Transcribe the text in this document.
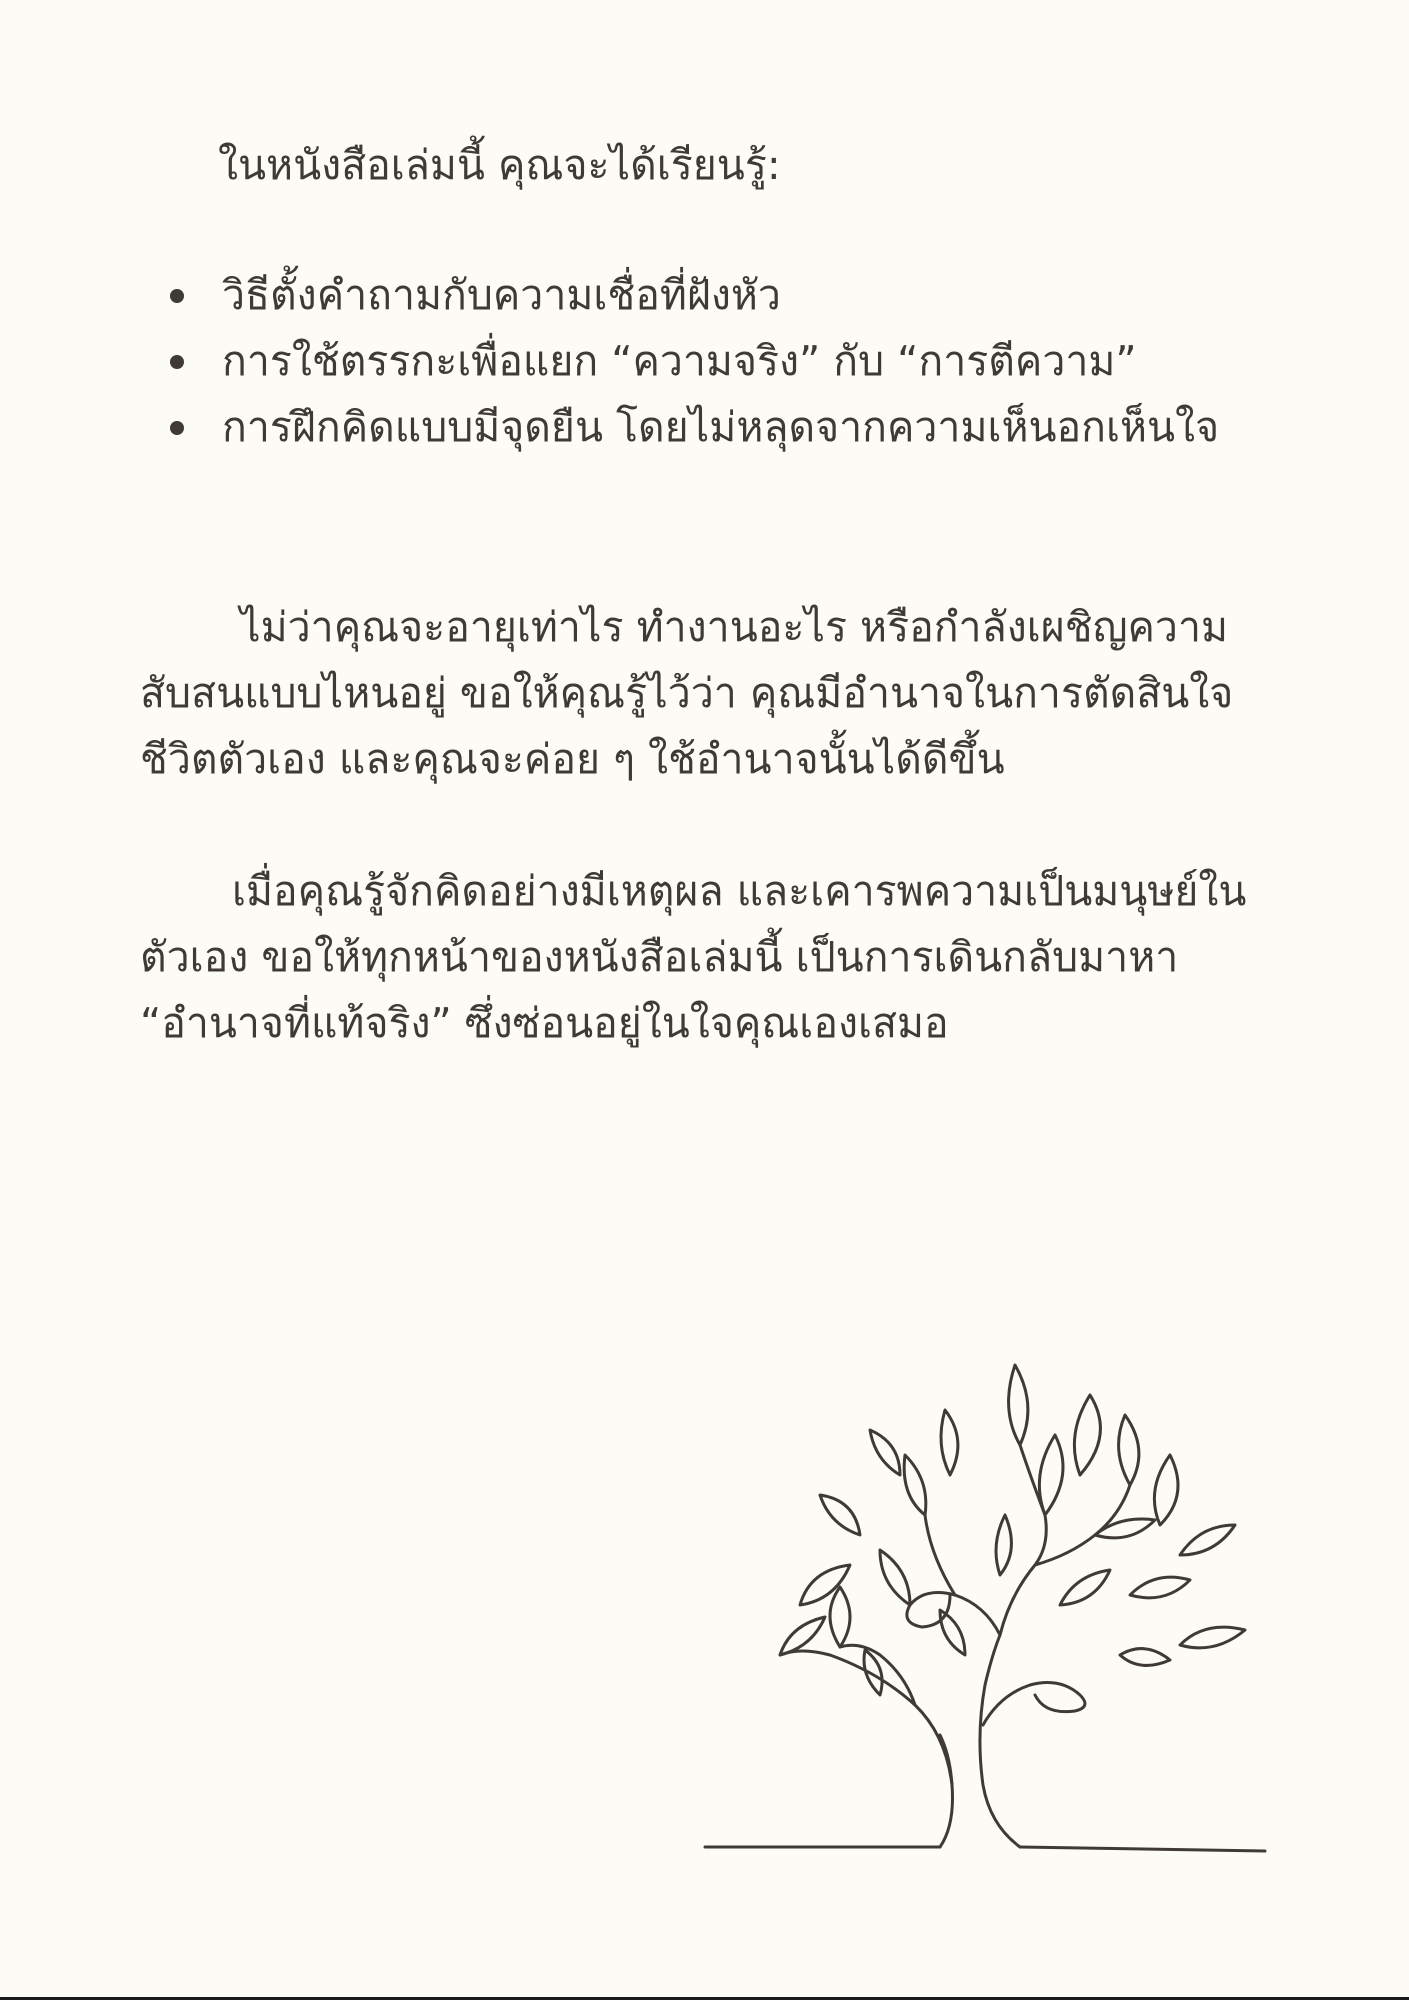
ในหนังสือเล่มนี้ คุณจะได้เรียนรู้:

วิธีตั้งคำถามกับความเชื่อที่ฝังหัว
การใช้ตรรกะเพื่อแยก “ความจริง” กับ “การตีความ”
การฝึกคิดแบบมีจุดยืน โดยไม่หลุดจากความเห็นอกเห็นใจ

ไม่ว่าคุณจะอายุเท่าไร ทำงานอะไร หรือกำลังเผชิญความสับสนแบบไหนอยู่ ขอให้คุณรู้ไว้ว่า คุณมีอำนาจในการตัดสินใจชีวิตตัวเอง และคุณจะค่อย ๆ ใช้อำนาจนั้นได้ดีขึ้น

เมื่อคุณรู้จักคิดอย่างมีเหตุผล และเคารพความเป็นมนุษย์ในตัวเอง ขอให้ทุกหน้าของหนังสือเล่มนี้ เป็นการเดินกลับมาหา “อำนาจที่แท้จริง” ซึ่งซ่อนอยู่ในใจคุณเองเสมอ
